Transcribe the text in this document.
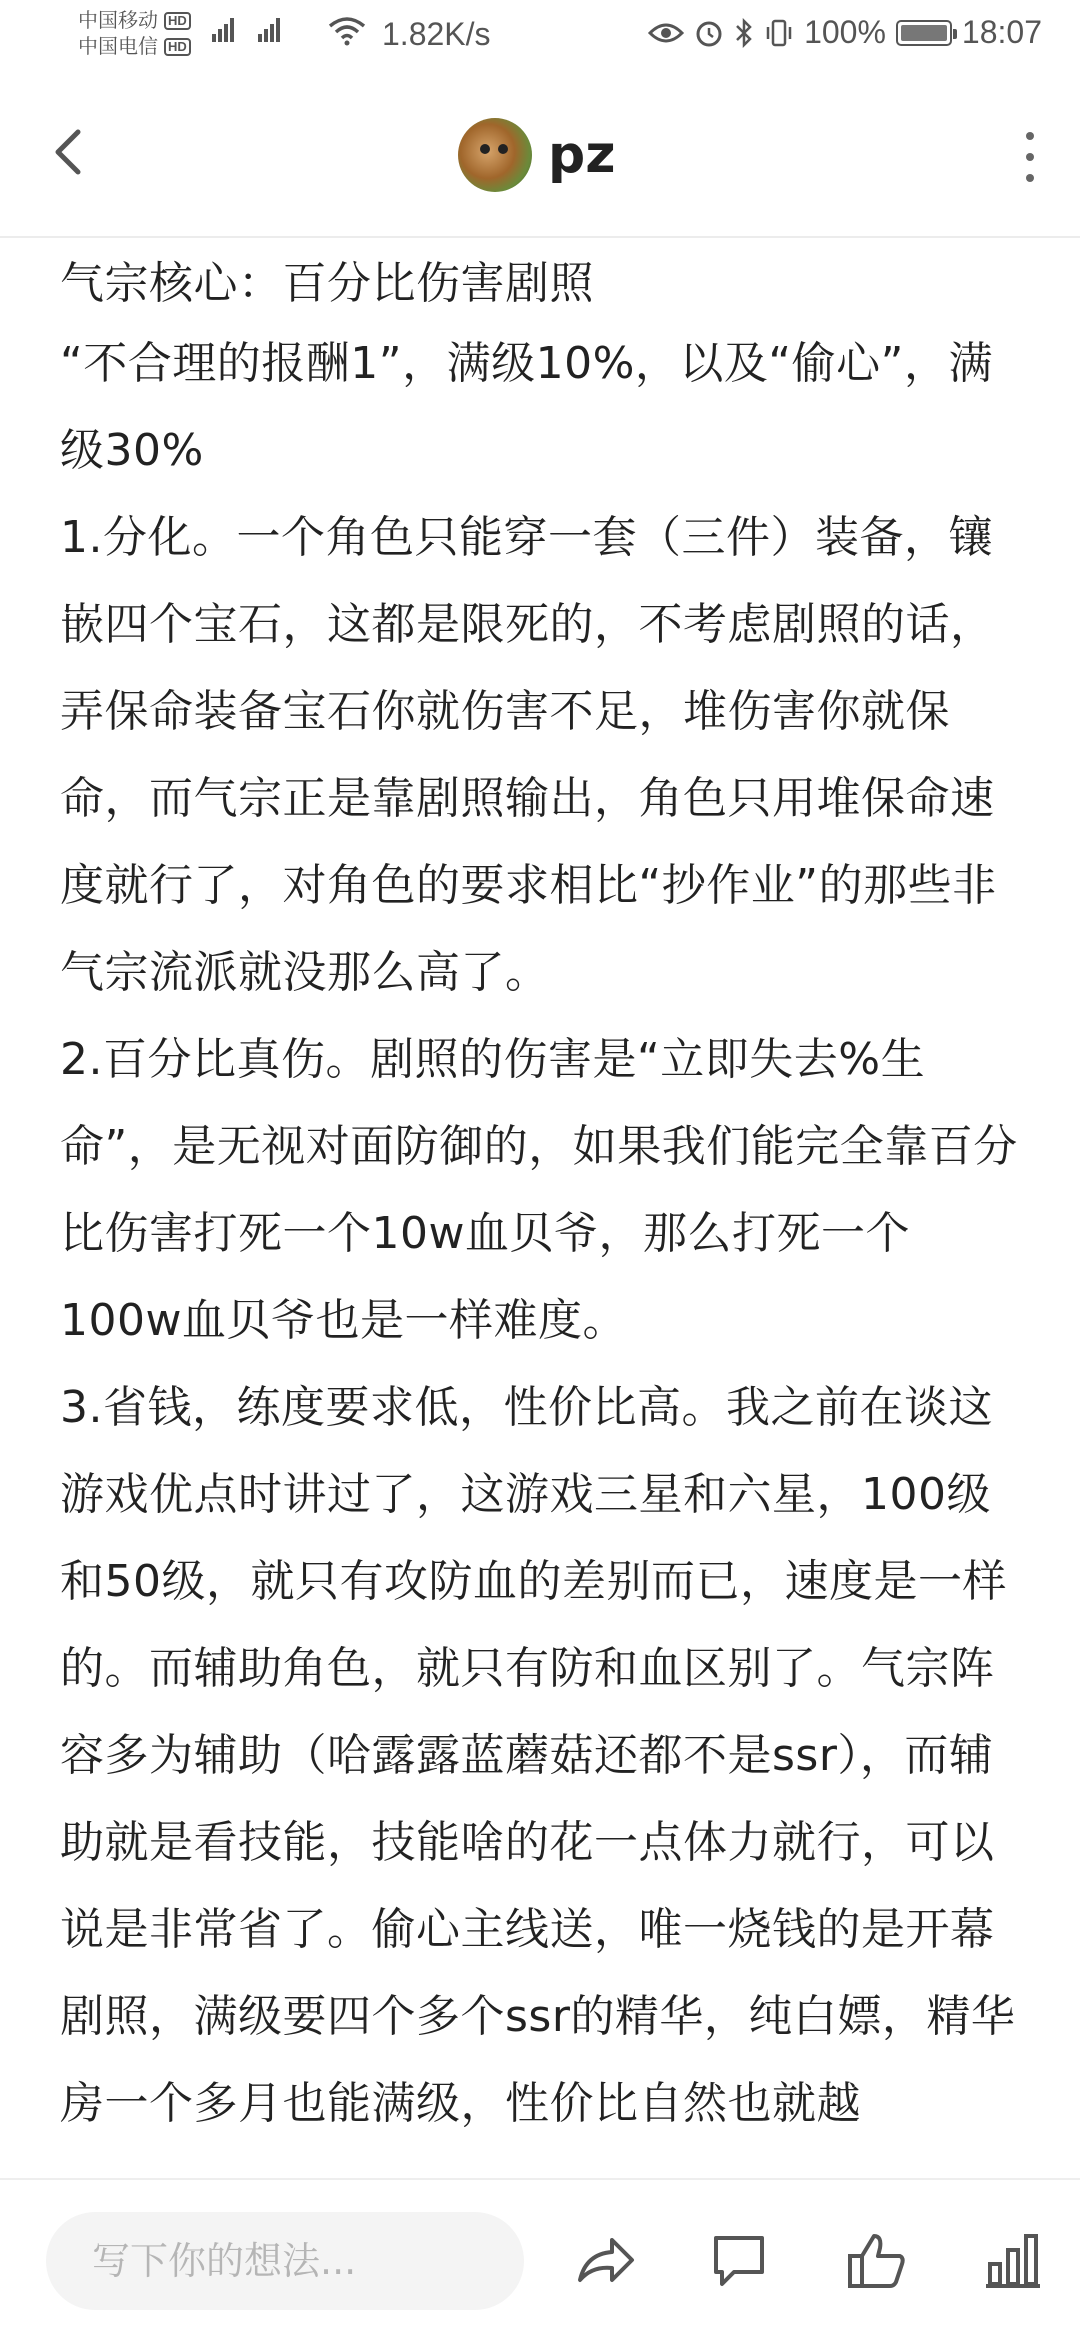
中国移动 HD
中国电信 HD	1.82K/s	100% 18:07
pz

气宗核心：百分比伤害剧照

“不合理的报酬1”，满级10%，以及“偷心”，满级30%

1.分化。一个角色只能穿一套（三件）装备，镶嵌四个宝石，这都是限死的，不考虑剧照的话，弄保命装备宝石你就伤害不足，堆伤害你就保命，而气宗正是靠剧照输出，角色只用堆保命速度就行了，对角色的要求相比“抄作业”的那些非气宗流派就没那么高了。

2.百分比真伤。剧照的伤害是“立即失去%生命”，是无视对面防御的，如果我们能完全靠百分比伤害打死一个10w血贝爷，那么打死一个100w血贝爷也是一样难度。

3.省钱，练度要求低，性价比高。我之前在谈这游戏优点时讲过了，这游戏三星和六星，100级和50级，就只有攻防血的差别而已，速度是一样的。而辅助角色，就只有防和血区别了。气宗阵容多为辅助（哈露露蓝蘑菇还都不是ssr），而辅助就是看技能，技能啥的花一点体力就行，可以说是非常省了。偷心主线送，唯一烧钱的是开幕剧照，满级要四个多个ssr的精华，纯白嫖，精华房一个多月也能满级，性价比自然也就越

写下你的想法...
